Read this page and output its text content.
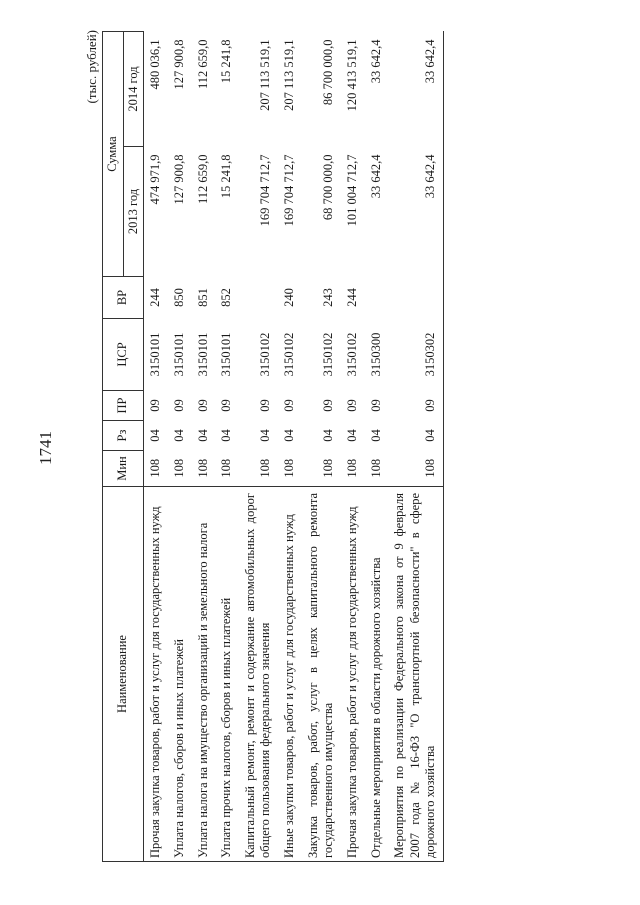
1741
(тыс. рублей)
Наименование	Мин	Рз	ПР	ЦСР	ВР	Сумма	
						2013 год	2014 год
Прочая закупка товаров, работ и услуг для государственных нужд	108	04	09	3150101	244	474 971,9	480 036,1
Уплата налогов, сборов и иных платежей	108	04	09	3150101	850	127 900,8	127 900,8
Уплата налога на имущество организаций и земельного налога	108	04	09	3150101	851	112 659,0	112 659,0
Уплата прочих налогов, сборов и иных платежей	108	04	09	3150101	852	15 241,8	15 241,8
Капитальный ремонт, ремонт и содержание автомобильных дорог общего пользования федерального значения	108	04	09	3150102		169 704 712,7	207 113 519,1
Иные закупки товаров, работ и услуг для государственных нужд	108	04	09	3150102	240	169 704 712,7	207 113 519,1
Закупка товаров, работ, услуг в целях капитального ремонта государственного имущества	108	04	09	3150102	243	68 700 000,0	86 700 000,0
Прочая закупка товаров, работ и услуг для государственных нужд	108	04	09	3150102	244	101 004 712,7	120 413 519,1
Отдельные мероприятия в области дорожного хозяйства	108	04	09	3150300		33 642,4	33 642,4
Мероприятия по реализации Федерального закона от 9 февраля 2007 года № 16-ФЗ "О транспортной безопасности" в сфере дорожного хозяйства	108	04	09	3150302		33 642,4	33 642,4
